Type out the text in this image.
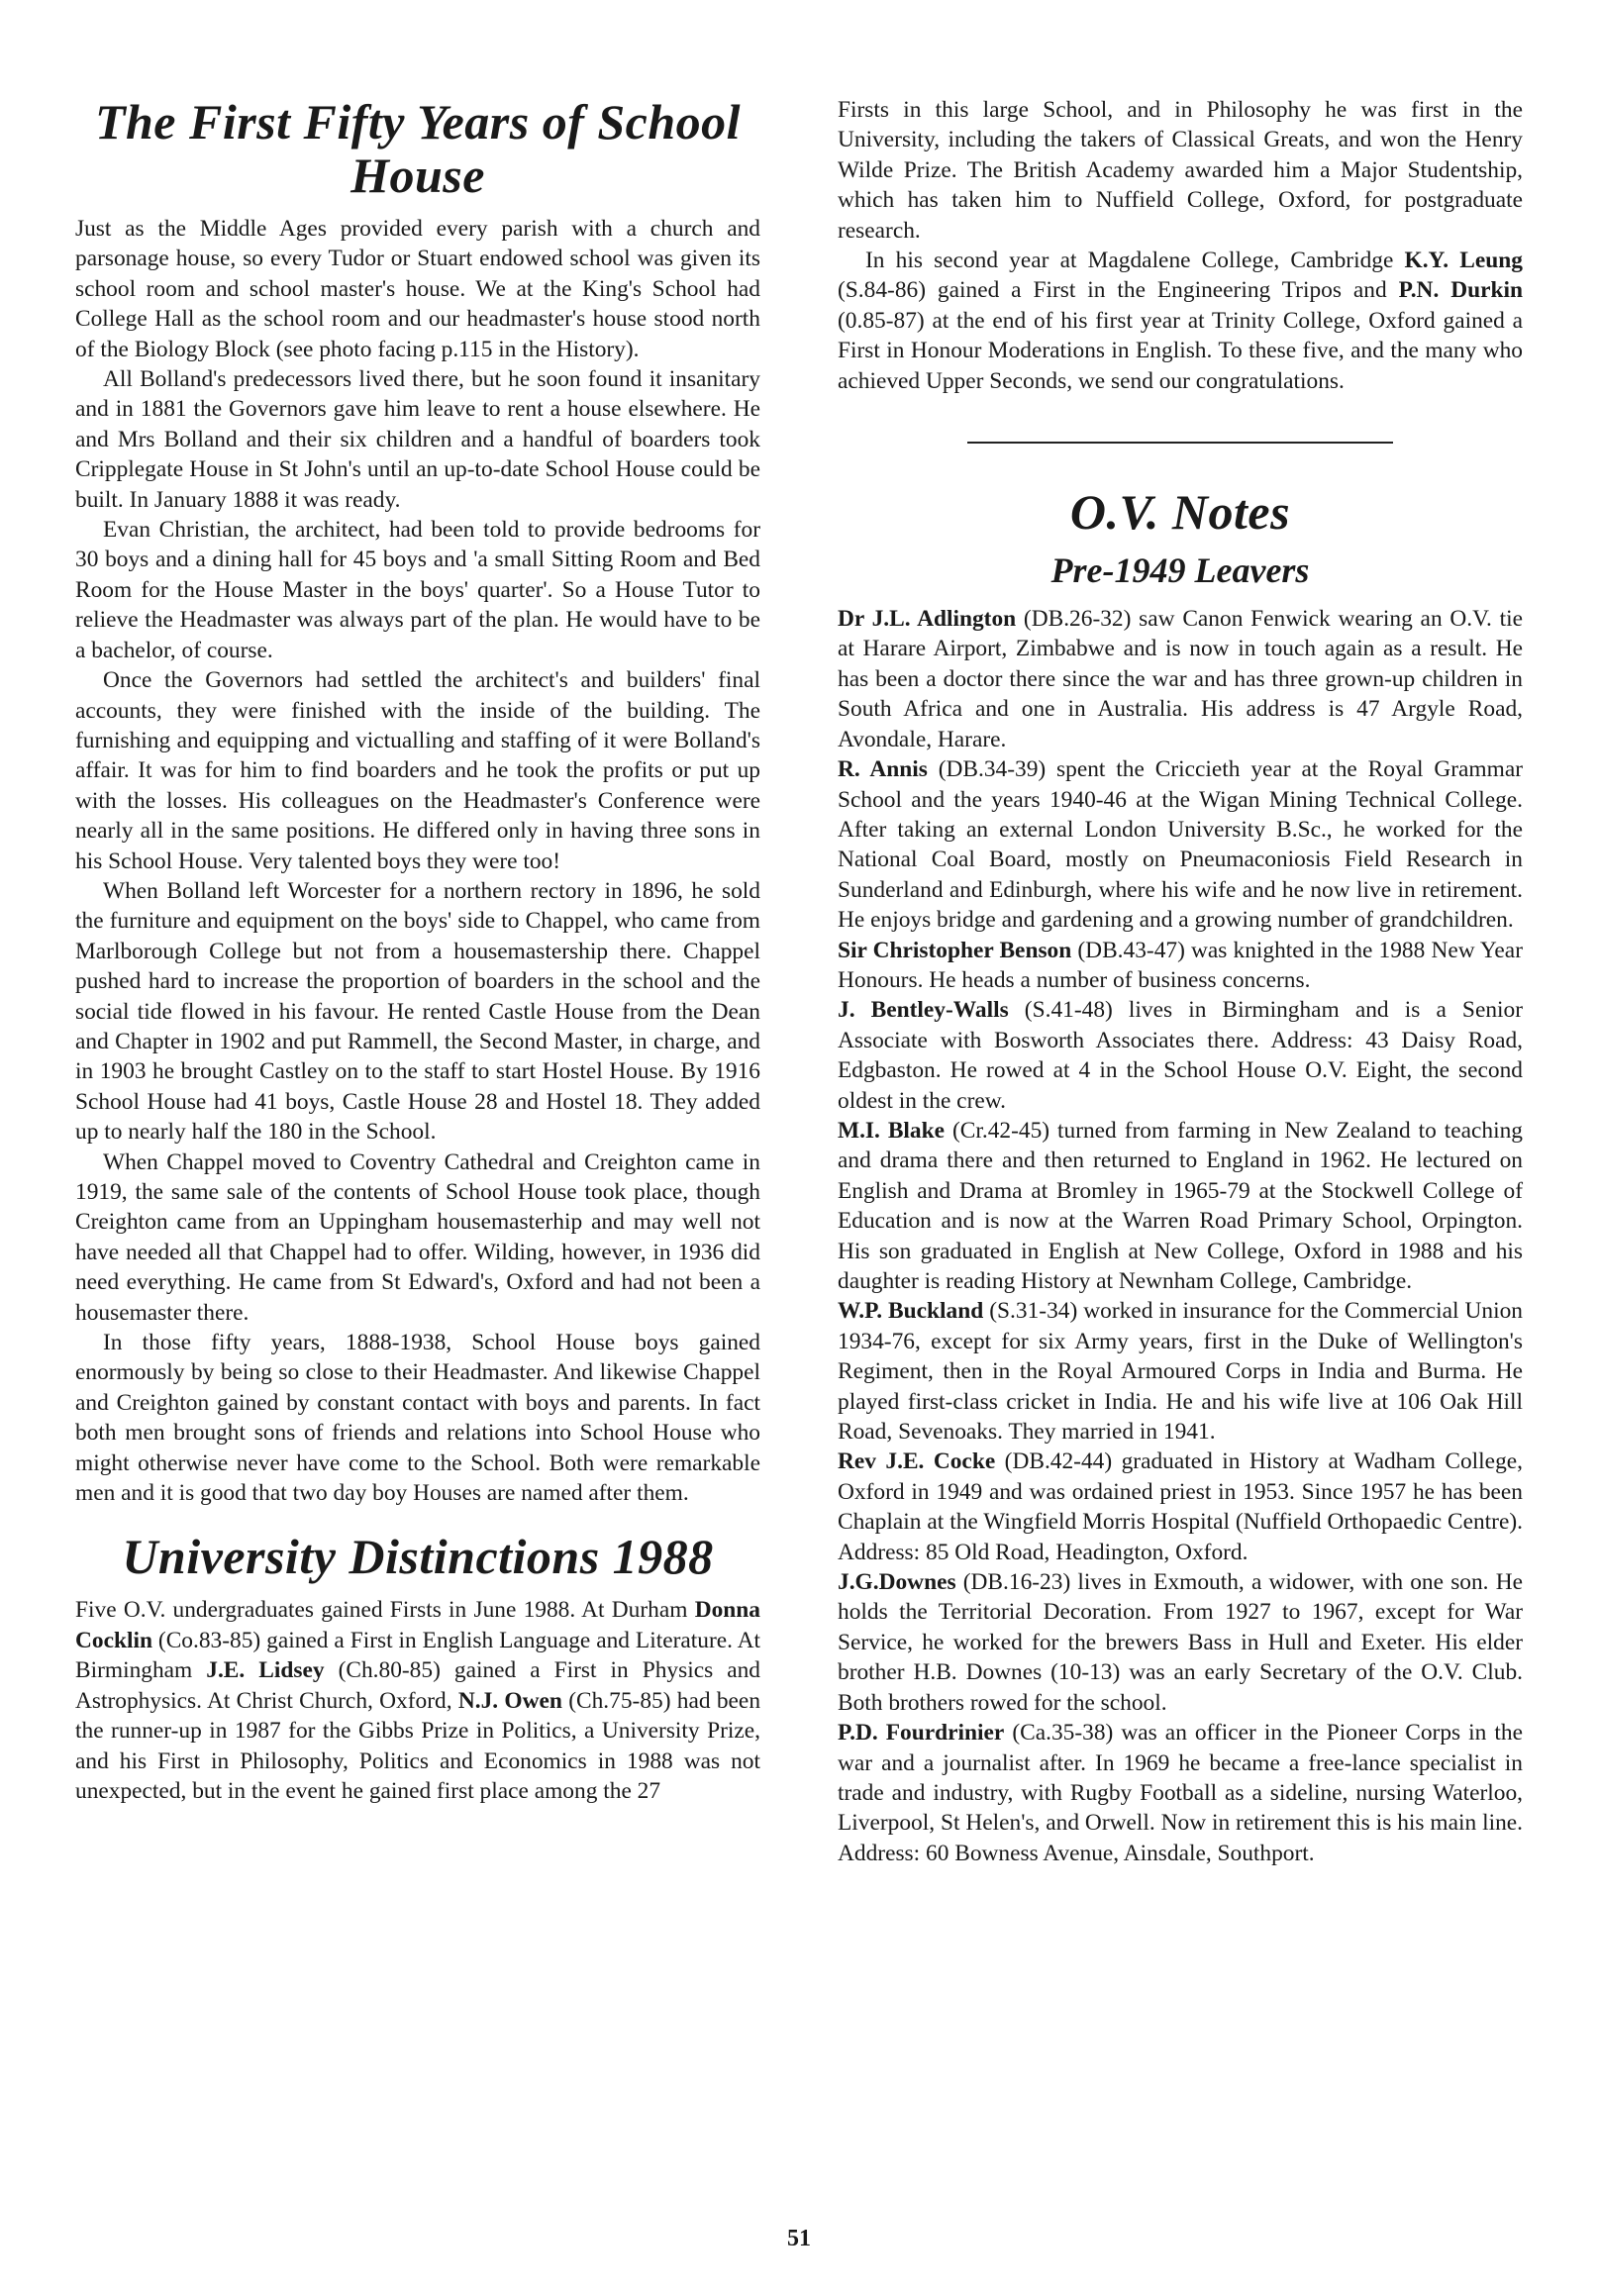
The First Fifty Years of School House

Just as the Middle Ages provided every parish with a church and parsonage house, so every Tudor or Stuart endowed school was given its school room and school master's house. We at the King's School had College Hall as the school room and our headmaster's house stood north of the Biology Block (see photo facing p.115 in the History).

All Bolland's predecessors lived there, but he soon found it insanitary and in 1881 the Governors gave him leave to rent a house elsewhere. He and Mrs Bolland and their six children and a handful of boarders took Cripplegate House in St John's until an up-to-date School House could be built. In January 1888 it was ready.

Evan Christian, the architect, had been told to provide bedrooms for 30 boys and a dining hall for 45 boys and 'a small Sitting Room and Bed Room for the House Master in the boys' quarter'. So a House Tutor to relieve the Headmaster was always part of the plan. He would have to be a bachelor, of course.

Once the Governors had settled the architect's and builders' final accounts, they were finished with the inside of the building. The furnishing and equipping and victualling and staffing of it were Bolland's affair. It was for him to find boarders and he took the profits or put up with the losses. His colleagues on the Headmaster's Conference were nearly all in the same positions. He differed only in having three sons in his School House. Very talented boys they were too!

When Bolland left Worcester for a northern rectory in 1896, he sold the furniture and equipment on the boys' side to Chappel, who came from Marlborough College but not from a housemastership there. Chappel pushed hard to increase the proportion of boarders in the school and the social tide flowed in his favour. He rented Castle House from the Dean and Chapter in 1902 and put Rammell, the Second Master, in charge, and in 1903 he brought Castley on to the staff to start Hostel House. By 1916 School House had 41 boys, Castle House 28 and Hostel 18. They added up to nearly half the 180 in the School.

When Chappel moved to Coventry Cathedral and Creighton came in 1919, the same sale of the contents of School House took place, though Creighton came from an Uppingham housemasterhip and may well not have needed all that Chappel had to offer. Wilding, however, in 1936 did need everything. He came from St Edward's, Oxford and had not been a housemaster there.

In those fifty years, 1888-1938, School House boys gained enormously by being so close to their Headmaster. And likewise Chappel and Creighton gained by constant contact with boys and parents. In fact both men brought sons of friends and relations into School House who might otherwise never have come to the School. Both were remarkable men and it is good that two day boy Houses are named after them.

University Distinctions 1988

Five O.V. undergraduates gained Firsts in June 1988. At Durham Donna Cocklin (Co.83-85) gained a First in English Language and Literature. At Birmingham J.E. Lidsey (Ch.80-85) gained a First in Physics and Astrophysics. At Christ Church, Oxford, N.J. Owen (Ch.75-85) had been the runner-up in 1987 for the Gibbs Prize in Politics, a University Prize, and his First in Philosophy, Politics and Economics in 1988 was not unexpected, but in the event he gained first place among the 27

Firsts in this large School, and in Philosophy he was first in the University, including the takers of Classical Greats, and won the Henry Wilde Prize. The British Academy awarded him a Major Studentship, which has taken him to Nuffield College, Oxford, for postgraduate research.

In his second year at Magdalene College, Cambridge K.Y. Leung (S.84-86) gained a First in the Engineering Tripos and P.N. Durkin (0.85-87) at the end of his first year at Trinity College, Oxford gained a First in Honour Moderations in English. To these five, and the many who achieved Upper Seconds, we send our congratulations.

O.V. Notes
Pre-1949 Leavers

Dr J.L. Adlington (DB.26-32) saw Canon Fenwick wearing an O.V. tie at Harare Airport, Zimbabwe and is now in touch again as a result. He has been a doctor there since the war and has three grown-up children in South Africa and one in Australia. His address is 47 Argyle Road, Avondale, Harare.

R. Annis (DB.34-39) spent the Criccieth year at the Royal Grammar School and the years 1940-46 at the Wigan Mining Technical College. After taking an external London University B.Sc., he worked for the National Coal Board, mostly on Pneumaconiosis Field Research in Sunderland and Edinburgh, where his wife and he now live in retirement. He enjoys bridge and gardening and a growing number of grandchildren.

Sir Christopher Benson (DB.43-47) was knighted in the 1988 New Year Honours. He heads a number of business concerns.

J. Bentley-Walls (S.41-48) lives in Birmingham and is a Senior Associate with Bosworth Associates there. Address: 43 Daisy Road, Edgbaston. He rowed at 4 in the School House O.V. Eight, the second oldest in the crew.

M.I. Blake (Cr.42-45) turned from farming in New Zealand to teaching and drama there and then returned to England in 1962. He lectured on English and Drama at Bromley in 1965-79 at the Stockwell College of Education and is now at the Warren Road Primary School, Orpington. His son graduated in English at New College, Oxford in 1988 and his daughter is reading History at Newnham College, Cambridge.

W.P. Buckland (S.31-34) worked in insurance for the Commercial Union 1934-76, except for six Army years, first in the Duke of Wellington's Regiment, then in the Royal Armoured Corps in India and Burma. He played first-class cricket in India. He and his wife live at 106 Oak Hill Road, Sevenoaks. They married in 1941.

Rev J.E. Cocke (DB.42-44) graduated in History at Wadham College, Oxford in 1949 and was ordained priest in 1953. Since 1957 he has been Chaplain at the Wingfield Morris Hospital (Nuffield Orthopaedic Centre). Address: 85 Old Road, Headington, Oxford.

J.G.Downes (DB.16-23) lives in Exmouth, a widower, with one son. He holds the Territorial Decoration. From 1927 to 1967, except for War Service, he worked for the brewers Bass in Hull and Exeter. His elder brother H.B. Downes (10-13) was an early Secretary of the O.V. Club. Both brothers rowed for the school.

P.D. Fourdrinier (Ca.35-38) was an officer in the Pioneer Corps in the war and a journalist after. In 1969 he became a free-lance specialist in trade and industry, with Rugby Football as a sideline, nursing Waterloo, Liverpool, St Helen's, and Orwell. Now in retirement this is his main line. Address: 60 Bowness Avenue, Ainsdale, Southport.

51
